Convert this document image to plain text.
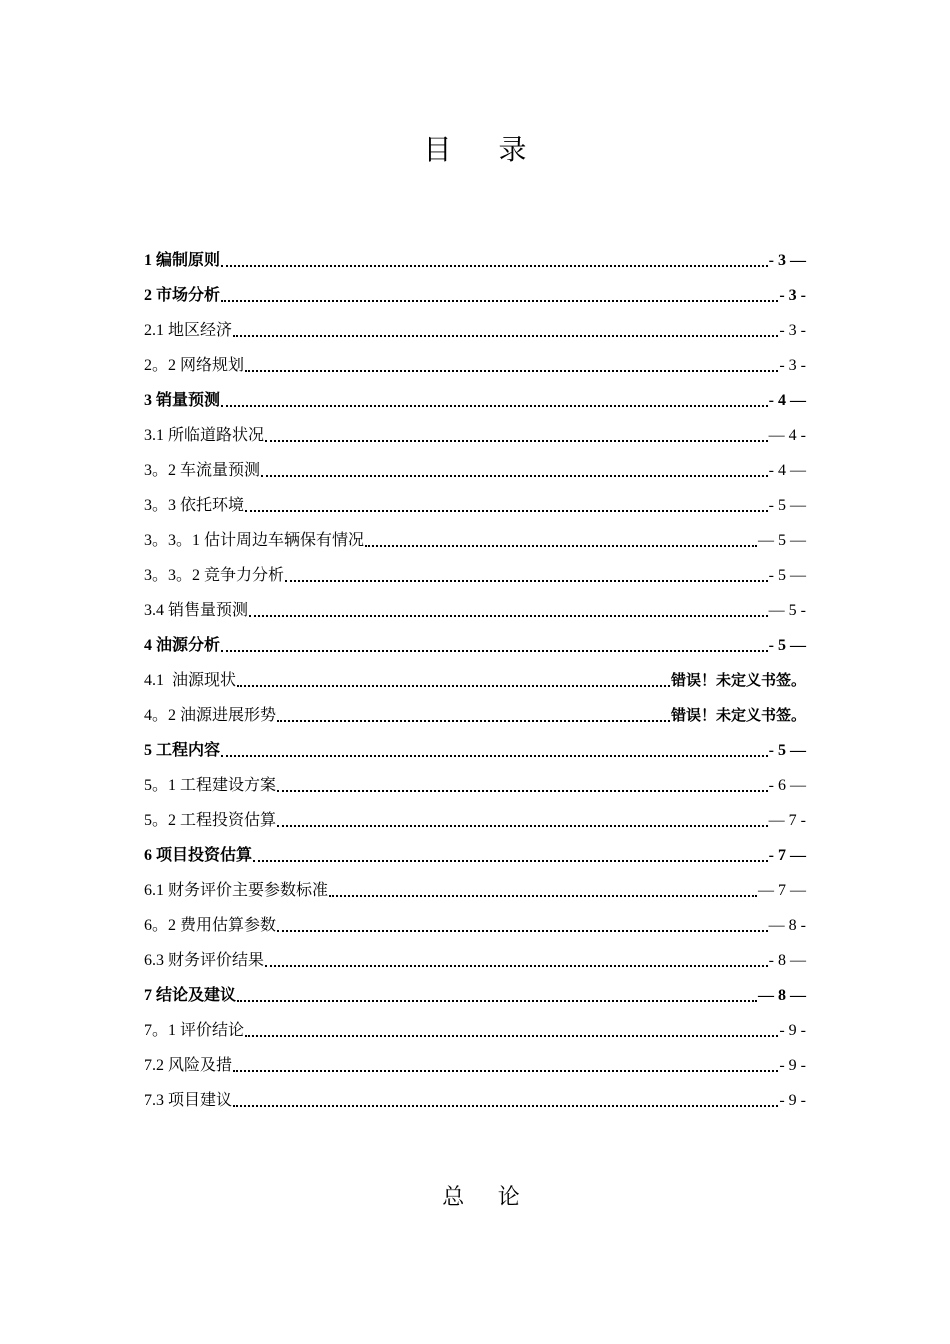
目 录
1 编制原则	- 3 —
2 市场分析	- 3 -
2.1 地区经济	- 3 -
2。2 网络规划	- 3 -
3 销量预测	- 4 —
3.1 所临道路状况	— 4 -
3。2 车流量预测	- 4 —
3。3 依托环境	- 5 —
3。3。1 估计周边车辆保有情况	— 5 —
3。3。2 竞争力分析	- 5 —
3.4 销售量预测	— 5 -
4 油源分析	- 5 —
4.1  油源现状	错误！未定义书签。
4。2 油源进展形势	错误！未定义书签。
5 工程内容	- 5 —
5。1 工程建设方案	- 6 —
5。2 工程投资估算	— 7 -
6 项目投资估算	- 7 —
6.1 财务评价主要参数标准	— 7 —
6。2 费用估算参数	— 8 -
6.3 财务评价结果	- 8 —
7 结论及建议	— 8 —
7。1 评价结论	- 9 -
7.2 风险及措	- 9 -
7.3 项目建议	- 9 -
总 论
